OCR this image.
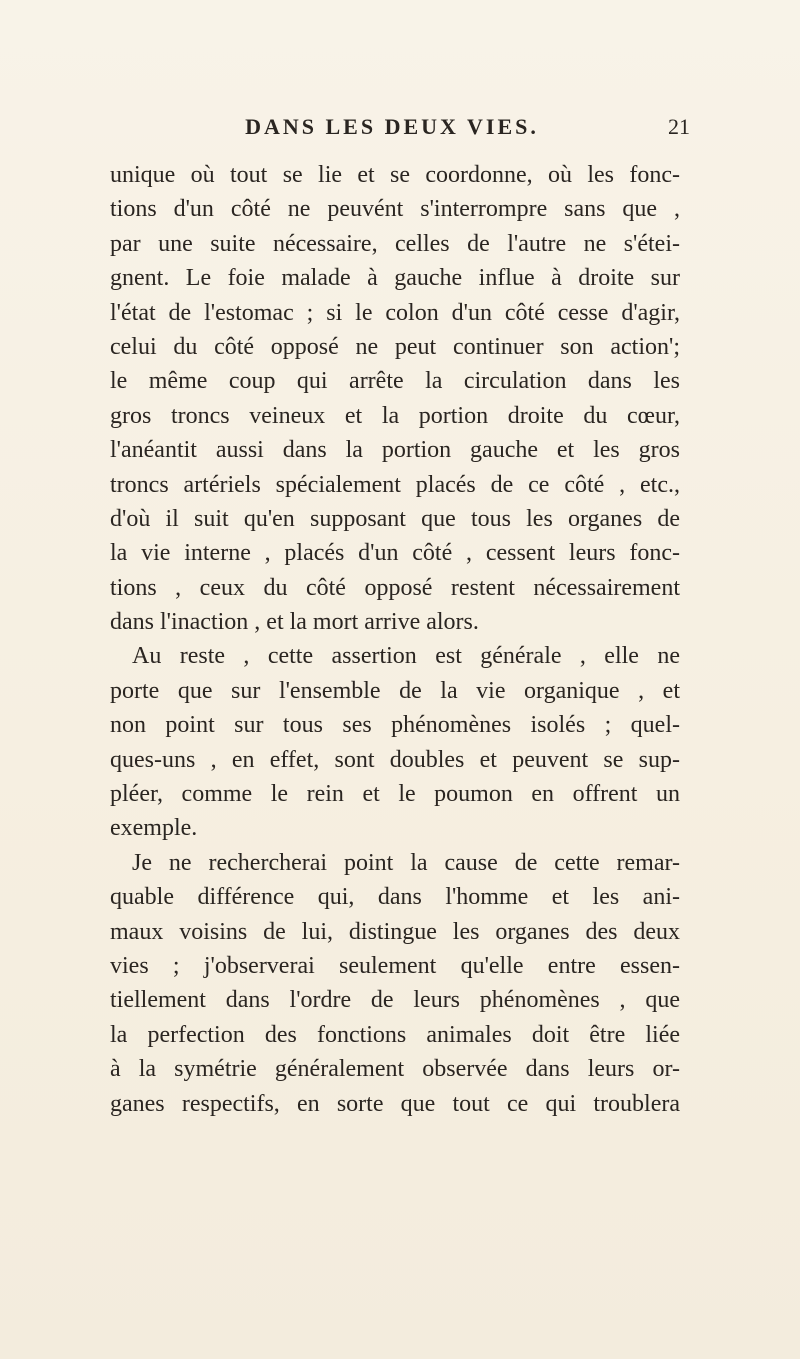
DANS LES DEUX VIES.	21
unique où tout se lie et se coordonne, où les fonc-
tions d'un côté ne peuvént s'interrompre sans que ,
par une suite nécessaire, celles de l'autre ne s'étei-
gnent. Le foie malade à gauche influe à droite sur
l'état de l'estomac ; si le colon d'un côté cesse d'agir,
celui du côté opposé ne peut continuer son action';
le même coup qui arrête la circulation dans les
gros troncs veineux et la portion droite du cœur,
l'anéantit aussi dans la portion gauche et les gros
troncs artériels spécialement placés de ce côté , etc.,
d'où il suit qu'en supposant que tous les organes de
la vie interne , placés d'un côté , cessent leurs fonc-
tions , ceux du côté opposé restent nécessairement
dans l'inaction , et la mort arrive alors.
Au reste , cette assertion est générale , elle ne
porte que sur l'ensemble de la vie organique , et
non point sur tous ses phénomènes isolés ; quel-
ques-uns , en effet, sont doubles et peuvent se sup-
pléer, comme le rein et le poumon en offrent un
exemple.
Je ne rechercherai point la cause de cette remar-
quable différence qui, dans l'homme et les ani-
maux voisins de lui, distingue les organes des deux
vies ; j'observerai seulement qu'elle entre essen-
tiellement dans l'ordre de leurs phénomènes , que
la perfection des fonctions animales doit être liée
à la symétrie généralement observée dans leurs or-
ganes respectifs, en sorte que tout ce qui troublera
